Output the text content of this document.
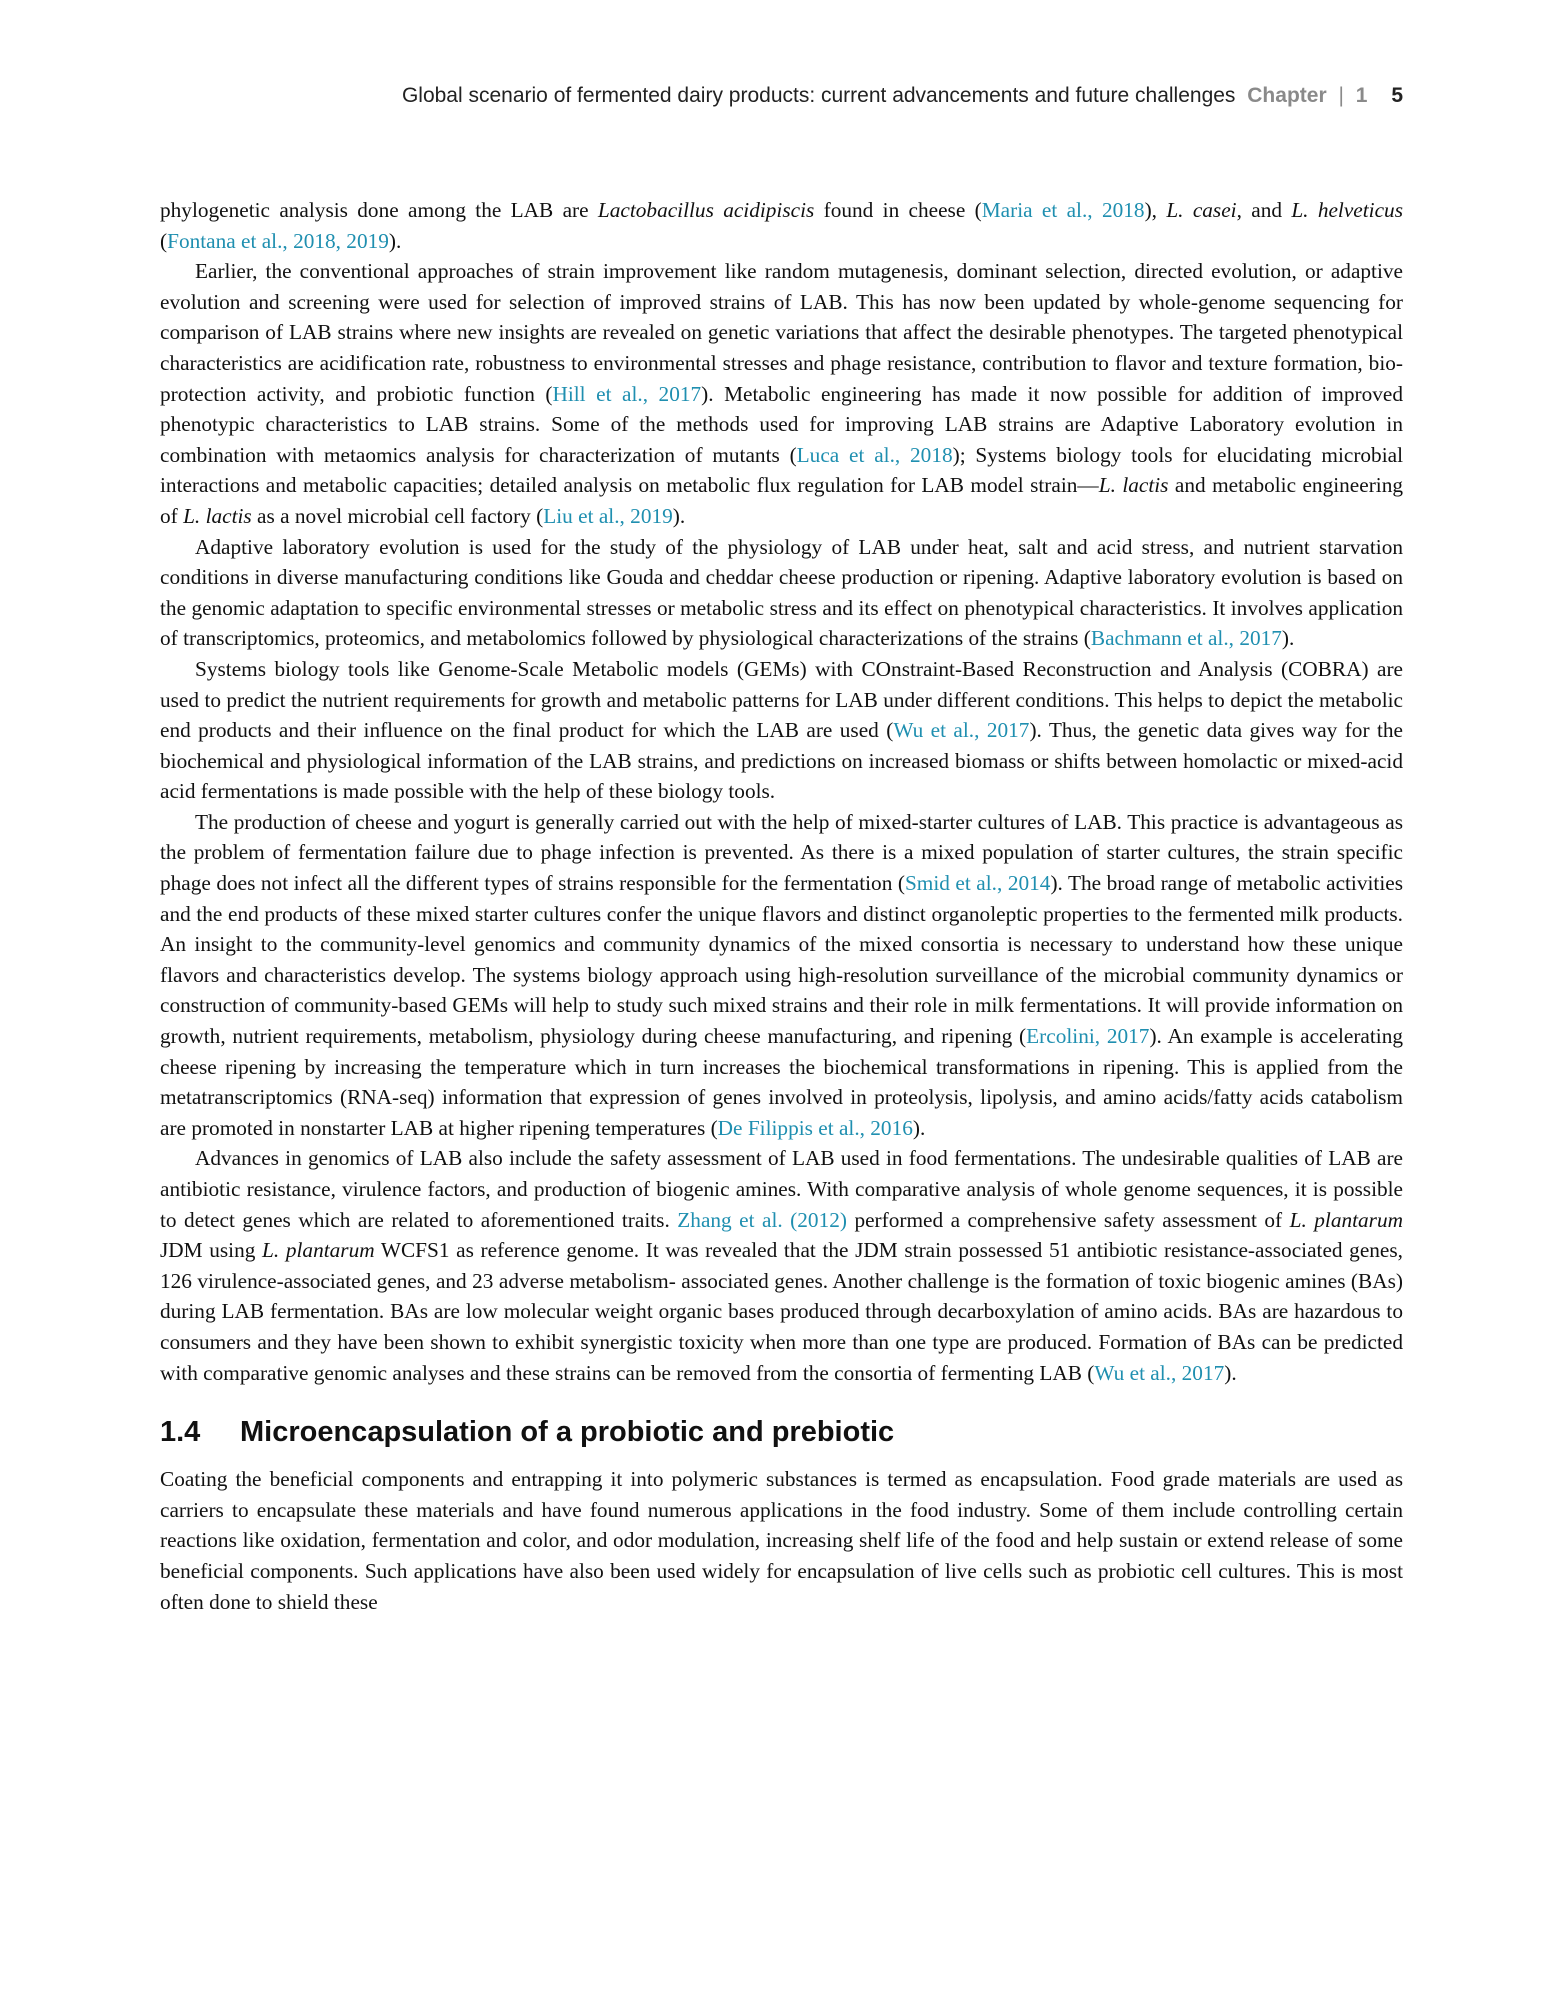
Global scenario of fermented dairy products: current advancements and future challenges Chapter | 1 5

phylogenetic analysis done among the LAB are Lactobacillus acidipiscis found in cheese (Maria et al., 2018), L. casei, and L. helveticus (Fontana et al., 2018, 2019).

Earlier, the conventional approaches of strain improvement like random mutagenesis, dominant selection, directed evolution, or adaptive evolution and screening were used for selection of improved strains of LAB. This has now been updated by whole-genome sequencing for comparison of LAB strains where new insights are revealed on genetic variations that affect the desirable phenotypes. The targeted phenotypical characteristics are acidification rate, robustness to environmental stresses and phage resistance, contribution to flavor and texture formation, bio-protection activity, and probiotic function (Hill et al., 2017). Metabolic engineering has made it now possible for addition of improved phenotypic characteristics to LAB strains. Some of the methods used for improving LAB strains are Adaptive Laboratory evolution in combination with metaomics analysis for characterization of mutants (Luca et al., 2018); Systems biology tools for elucidating microbial interactions and metabolic capacities; detailed analysis on metabolic flux regulation for LAB model strain—L. lactis and metabolic engineering of L. lactis as a novel microbial cell factory (Liu et al., 2019).

Adaptive laboratory evolution is used for the study of the physiology of LAB under heat, salt and acid stress, and nutrient starvation conditions in diverse manufacturing conditions like Gouda and cheddar cheese production or ripening. Adaptive laboratory evolution is based on the genomic adaptation to specific environmental stresses or metabolic stress and its effect on phenotypical characteristics. It involves application of transcriptomics, proteomics, and metabolomics followed by physiological characterizations of the strains (Bachmann et al., 2017).

Systems biology tools like Genome-Scale Metabolic models (GEMs) with COnstraint-Based Reconstruction and Analysis (COBRA) are used to predict the nutrient requirements for growth and metabolic patterns for LAB under different conditions. This helps to depict the metabolic end products and their influence on the final product for which the LAB are used (Wu et al., 2017). Thus, the genetic data gives way for the biochemical and physiological information of the LAB strains, and predictions on increased biomass or shifts between homolactic or mixed-acid acid fermentations is made possible with the help of these biology tools.

The production of cheese and yogurt is generally carried out with the help of mixed-starter cultures of LAB. This practice is advantageous as the problem of fermentation failure due to phage infection is prevented. As there is a mixed population of starter cultures, the strain specific phage does not infect all the different types of strains responsible for the fermentation (Smid et al., 2014). The broad range of metabolic activities and the end products of these mixed starter cultures confer the unique flavors and distinct organoleptic properties to the fermented milk products. An insight to the community-level genomics and community dynamics of the mixed consortia is necessary to understand how these unique flavors and characteristics develop. The systems biology approach using high-resolution surveillance of the microbial community dynamics or construction of community-based GEMs will help to study such mixed strains and their role in milk fermentations. It will provide information on growth, nutrient requirements, metabolism, physiology during cheese manufacturing, and ripening (Ercolini, 2017). An example is accelerating cheese ripening by increasing the temperature which in turn increases the biochemical transformations in ripening. This is applied from the metatranscriptomics (RNA-seq) information that expression of genes involved in proteolysis, lipolysis, and amino acids/fatty acids catabolism are promoted in nonstarter LAB at higher ripening temperatures (De Filippis et al., 2016).

Advances in genomics of LAB also include the safety assessment of LAB used in food fermentations. The undesirable qualities of LAB are antibiotic resistance, virulence factors, and production of biogenic amines. With comparative analysis of whole genome sequences, it is possible to detect genes which are related to aforementioned traits. Zhang et al. (2012) performed a comprehensive safety assessment of L. plantarum JDM using L. plantarum WCFS1 as reference genome. It was revealed that the JDM strain possessed 51 antibiotic resistance-associated genes, 126 virulence-associated genes, and 23 adverse metabolism- associated genes. Another challenge is the formation of toxic biogenic amines (BAs) during LAB fermentation. BAs are low molecular weight organic bases produced through decarboxylation of amino acids. BAs are hazardous to consumers and they have been shown to exhibit synergistic toxicity when more than one type are produced. Formation of BAs can be predicted with comparative genomic analyses and these strains can be removed from the consortia of fermenting LAB (Wu et al., 2017).

1.4 Microencapsulation of a probiotic and prebiotic

Coating the beneficial components and entrapping it into polymeric substances is termed as encapsulation. Food grade materials are used as carriers to encapsulate these materials and have found numerous applications in the food industry. Some of them include controlling certain reactions like oxidation, fermentation and color, and odor modulation, increasing shelf life of the food and help sustain or extend release of some beneficial components. Such applications have also been used widely for encapsulation of live cells such as probiotic cell cultures. This is most often done to shield these
